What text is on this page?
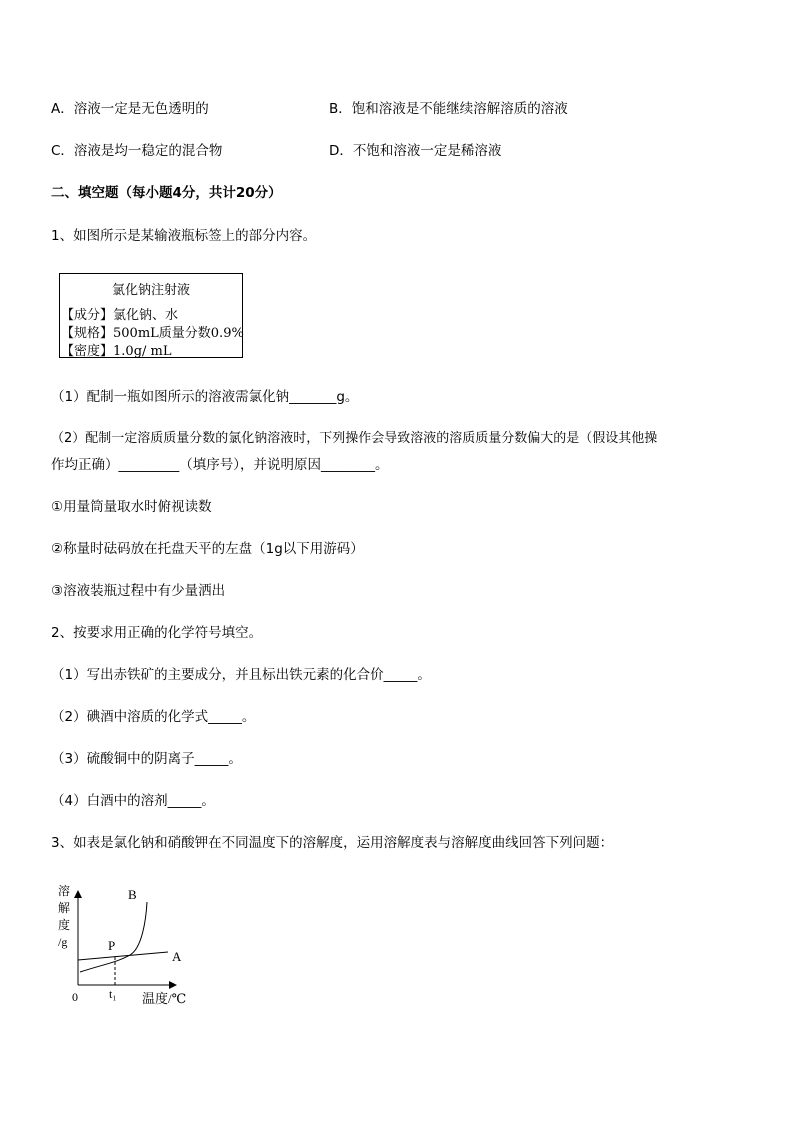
A．溶液一定是无色透明的	B．饱和溶液是不能继续溶解溶质的溶液
C．溶液是均一稳定的混合物	D．不饱和溶液一定是稀溶液
二、填空题（每小题4分，共计20分）
1、如图所示是某输液瓶标签上的部分内容。
氯化钠注射液
【成分】氯化钠、水
【规格】500mL质量分数0.9%
【密度】1.0g/ mL
（1）配制一瓶如图所示的溶液需氯化钠_______g。
（2）配制一定溶质质量分数的氯化钠溶液时，下列操作会导致溶液的溶质质量分数偏大的是（假设其他操
作均正确）_________（填序号），并说明原因________。
①用量筒量取水时俯视读数
②称量时砝码放在托盘天平的左盘（1g以下用游码）
③溶液装瓶过程中有少量洒出
2、按要求用正确的化学符号填空。
（1）写出赤铁矿的主要成分，并且标出铁元素的化合价_____。
（2）碘酒中溶质的化学式_____。
（3）硫酸铜中的阴离子_____。
（4）白酒中的溶剂_____。
3、如表是氯化钠和硝酸钾在不同温度下的溶解度，运用溶解度表与溶解度曲线回答下列问题：
溶
解
度
/g
B
A
P
0	t₁ 温度/℃
